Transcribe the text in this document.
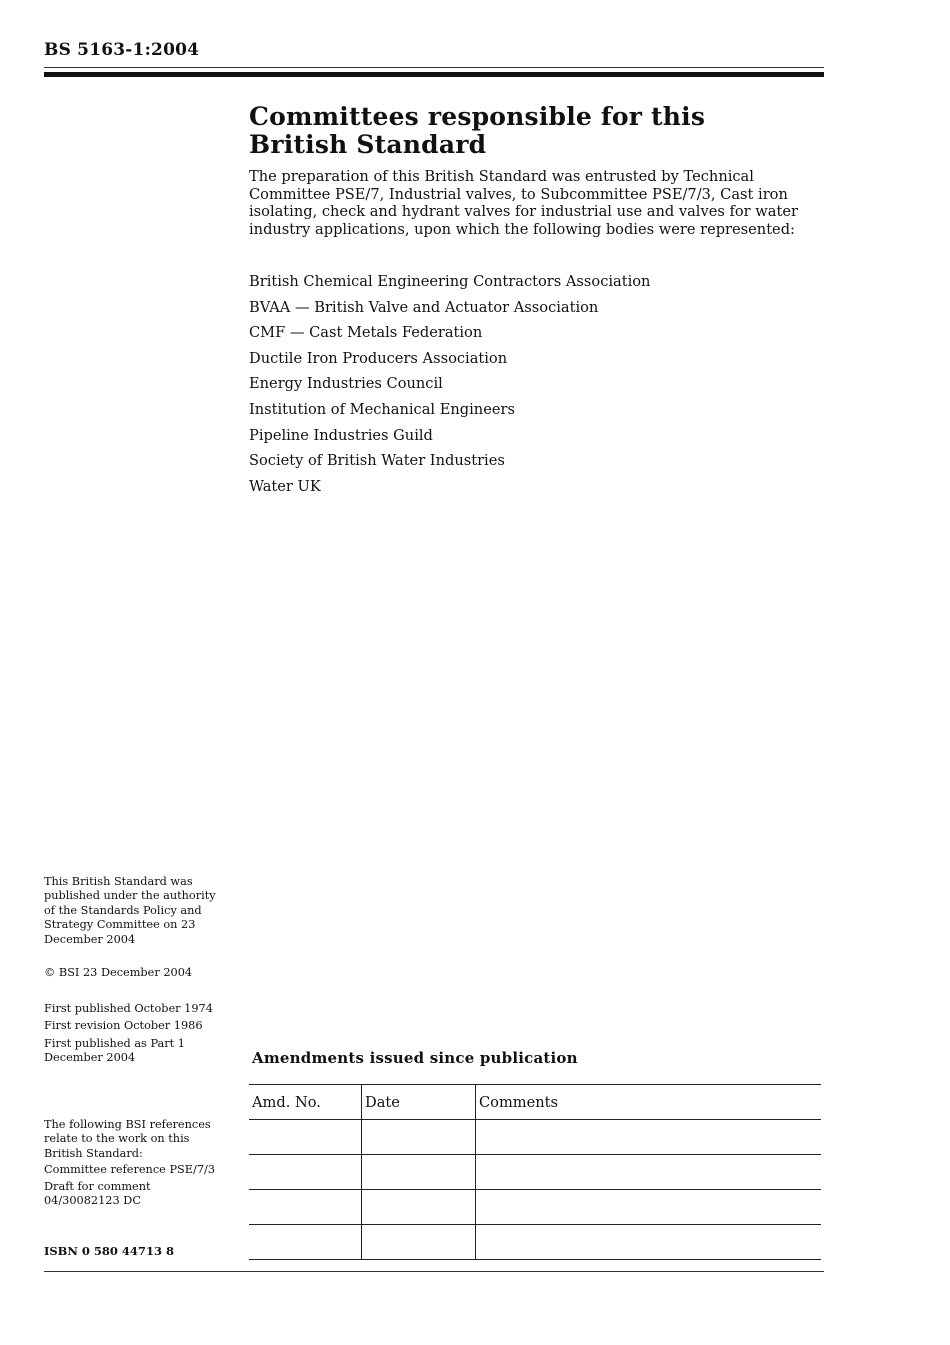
BS 5163-1:2004
Committees responsible for this British Standard

The preparation of this British Standard was entrusted by Technical Committee PSE/7, Industrial valves, to Subcommittee PSE/7/3, Cast iron isolating, check and hydrant valves for industrial use and valves for water industry applications, upon which the following bodies were represented:

British Chemical Engineering Contractors Association
BVAA — British Valve and Actuator Association
CMF — Cast Metals Federation
Ductile Iron Producers Association
Energy Industries Council
Institution of Mechanical Engineers
Pipeline Industries Guild
Society of British Water Industries
Water UK

This British Standard was published under the authority of the Standards Policy and Strategy Committee on 23 December 2004

© BSI 23 December 2004

First published October 1974

First revision October 1986

First published as Part 1 December 2004

The following BSI references relate to the work on this British Standard:

Committee reference PSE/7/3

Draft for comment 04/30082123 DC

ISBN 0 580 44713 8
Amendments issued since publication
Amd. No.	Date	Comments
